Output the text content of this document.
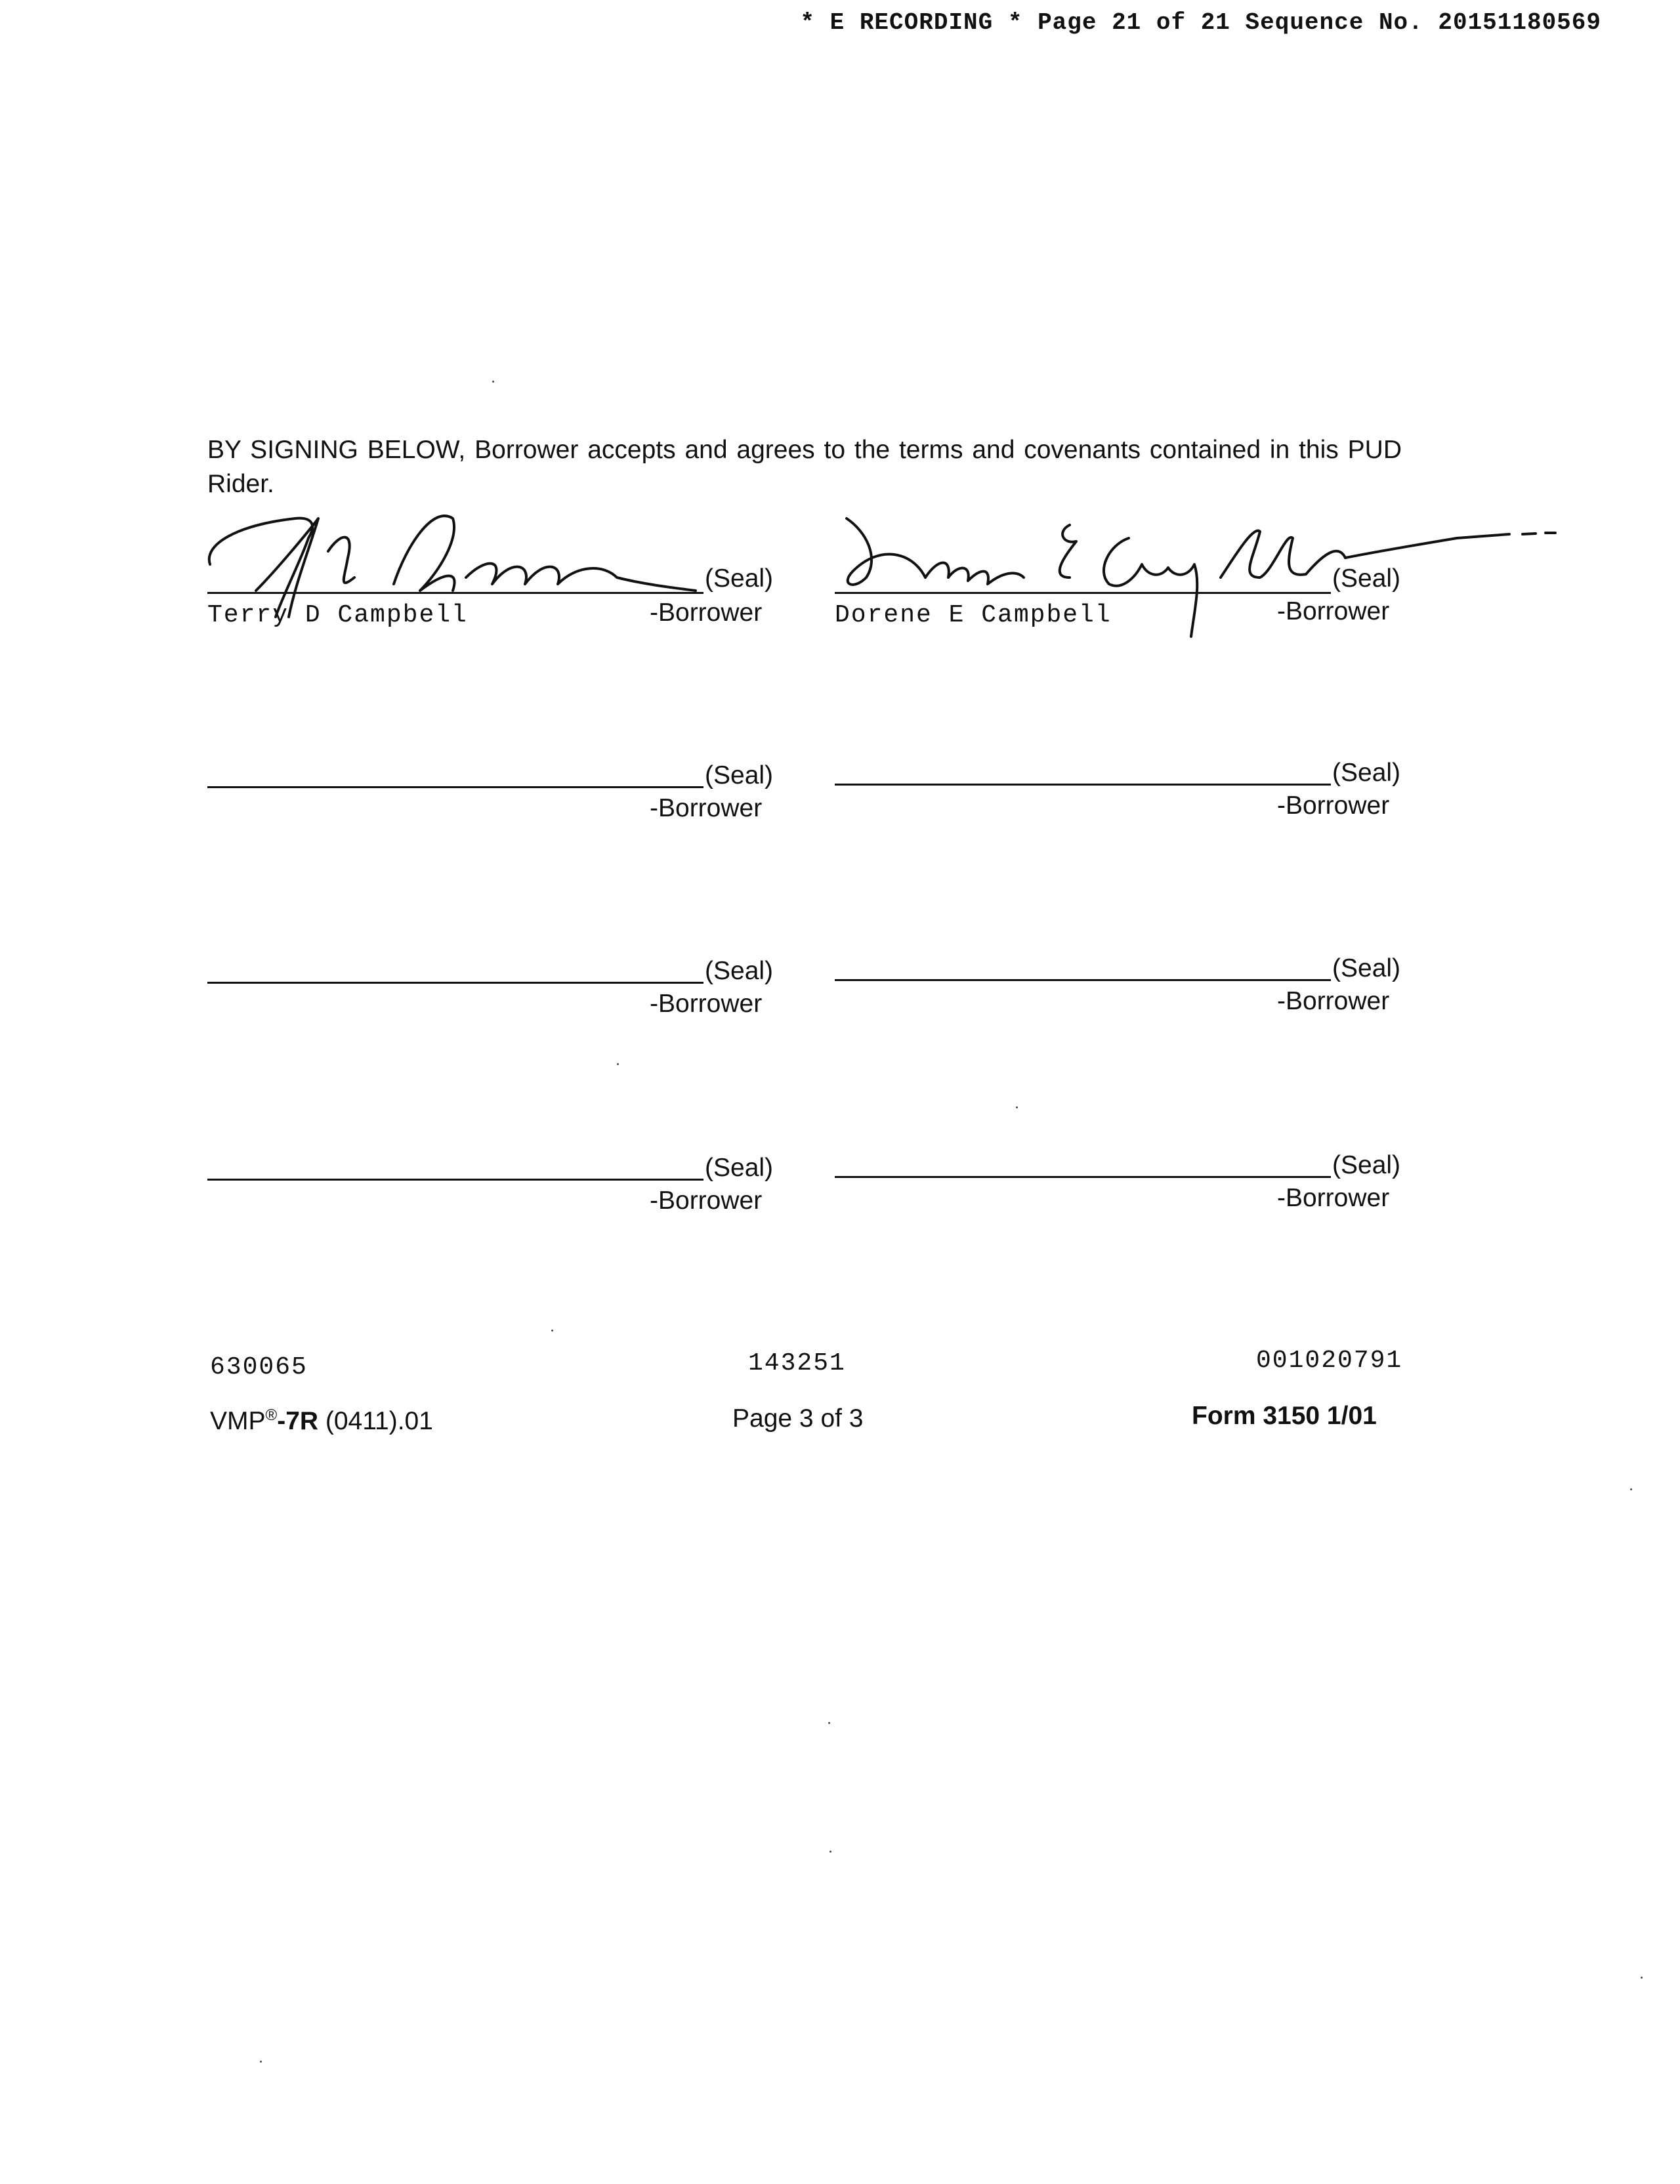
* E RECORDING * Page 21 of 21 Sequence No. 20151180569
BY SIGNING BELOW, Borrower accepts and agrees to the terms and covenants contained in this PUD Rider.
(Seal)
-Borrower
Terry D Campbell
(Seal)
-Borrower
Dorene E Campbell
(Seal)
-Borrower
(Seal)
-Borrower
(Seal)
-Borrower
(Seal)
-Borrower
(Seal)
-Borrower
(Seal)
-Borrower
630065	143251	001020791
VMP®-7R (0411).01	Page 3 of 3	Form 3150 1/01
